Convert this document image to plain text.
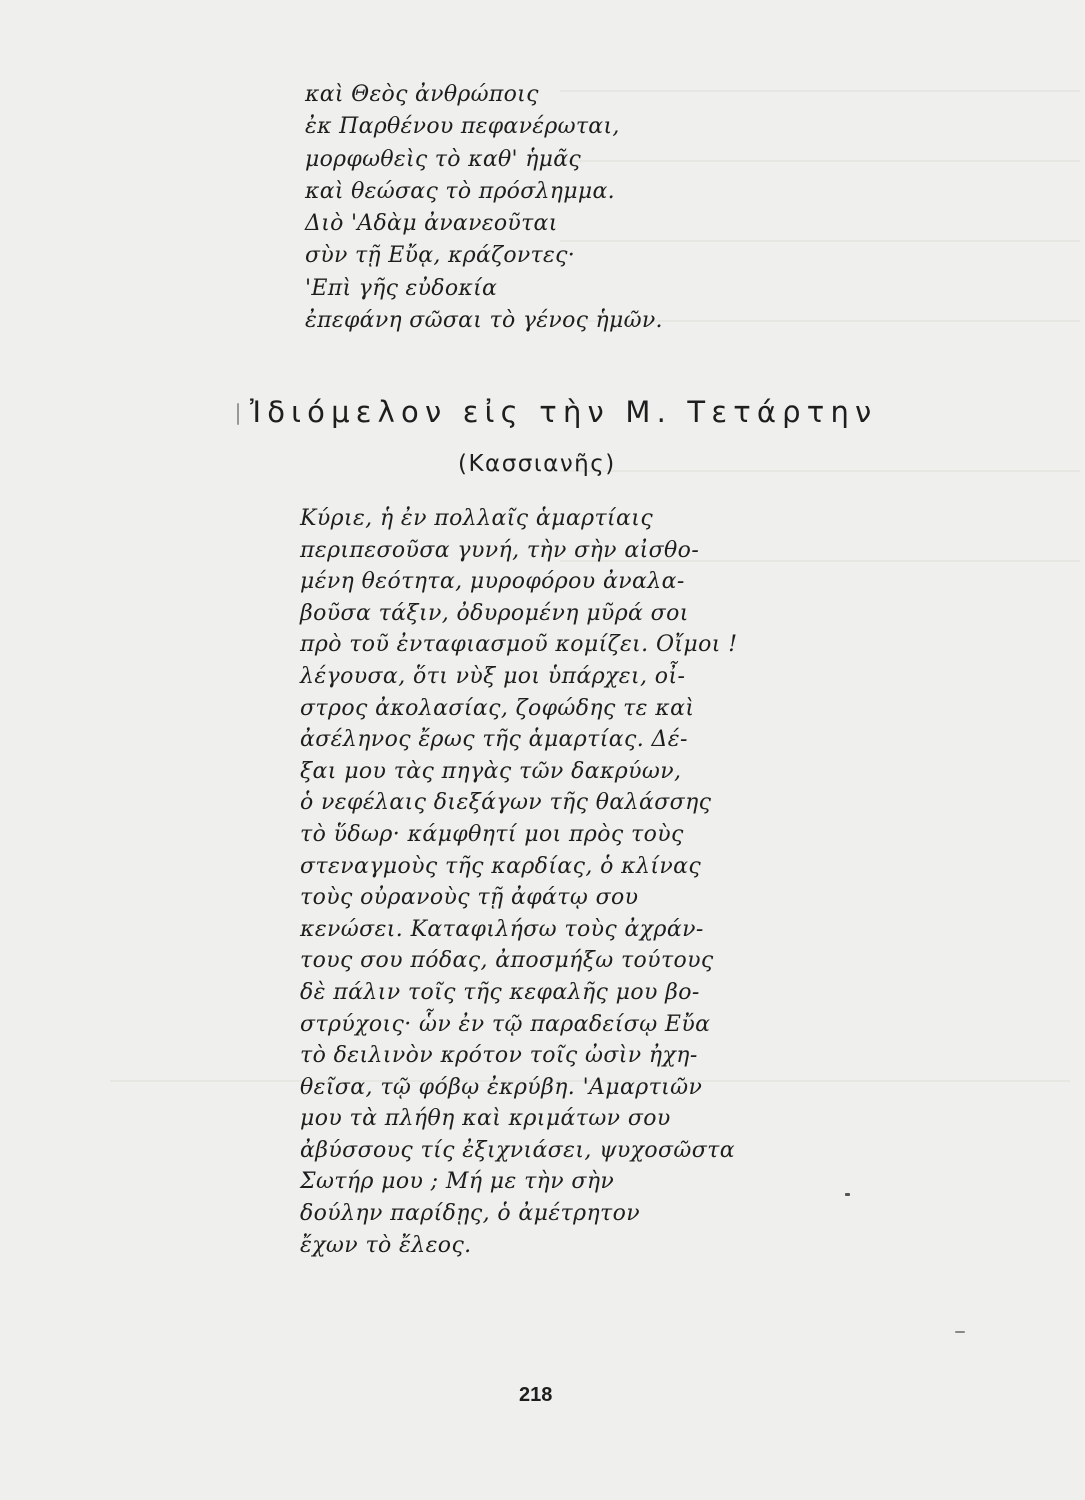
καὶ Θεὸς ἀνθρώποις
ἐκ Παρθένου πεφανέρωται,
μορφωθεὶς τὸ καθ' ἡμᾶς
καὶ θεώσας τὸ πρόσλημμα.
Διὸ 'Αδὰμ ἀνανεοῦται
σὺν τῇ Εὔᾳ, κράζοντες·
'Επὶ γῆς εὐδοκία
ἐπεφάνη σῶσαι τὸ γένος ἡμῶν.
Ἰδιόμελον εἰς τὴν Μ. Τετάρτην
(Κασσιανῆς)
Κύριε, ἡ ἐν πολλαῖς ἁμαρτίαις
περιπεσοῦσα γυνή, τὴν σὴν αἰσθο-
μένη θεότητα, μυροφόρου ἀναλα-
βοῦσα τάξιν, ὀδυρομένη μῦρά σοι
πρὸ τοῦ ἐνταφιασμοῦ κομίζει. Οἴμοι !
λέγουσα, ὅτι νὺξ μοι ὑπάρχει, οἶ-
στρος ἀκολασίας, ζοφώδης τε καὶ
ἀσέληνος ἔρως τῆς ἁμαρτίας. Δέ-
ξαι μου τὰς πηγὰς τῶν δακρύων,
ὁ νεφέλαις διεξάγων τῆς θαλάσσης
τὸ ὕδωρ· κάμφθητί μοι πρὸς τοὺς
στεναγμοὺς τῆς καρδίας, ὁ κλίνας
τοὺς οὐρανοὺς τῇ ἀφάτῳ σου
κενώσει. Καταφιλήσω τοὺς ἀχράν-
τους σου πόδας, ἀποσμήξω τούτους
δὲ πάλιν τοῖς τῆς κεφαλῆς μου βο-
στρύχοις· ὧν ἐν τῷ παραδείσῳ Εὔα
τὸ δειλινὸν κρότον τοῖς ὠσὶν ἠχη-
θεῖσα, τῷ φόβῳ ἐκρύβη. 'Αμαρτιῶν
μου τὰ πλήθη καὶ κριμάτων σου
ἀβύσσους τίς ἐξιχνιάσει, ψυχοσῶστα
Σωτήρ μου ; Μή με τὴν σὴν
δούλην παρίδῃς, ὁ ἀμέτρητον
ἔχων τὸ ἔλεος.

218
